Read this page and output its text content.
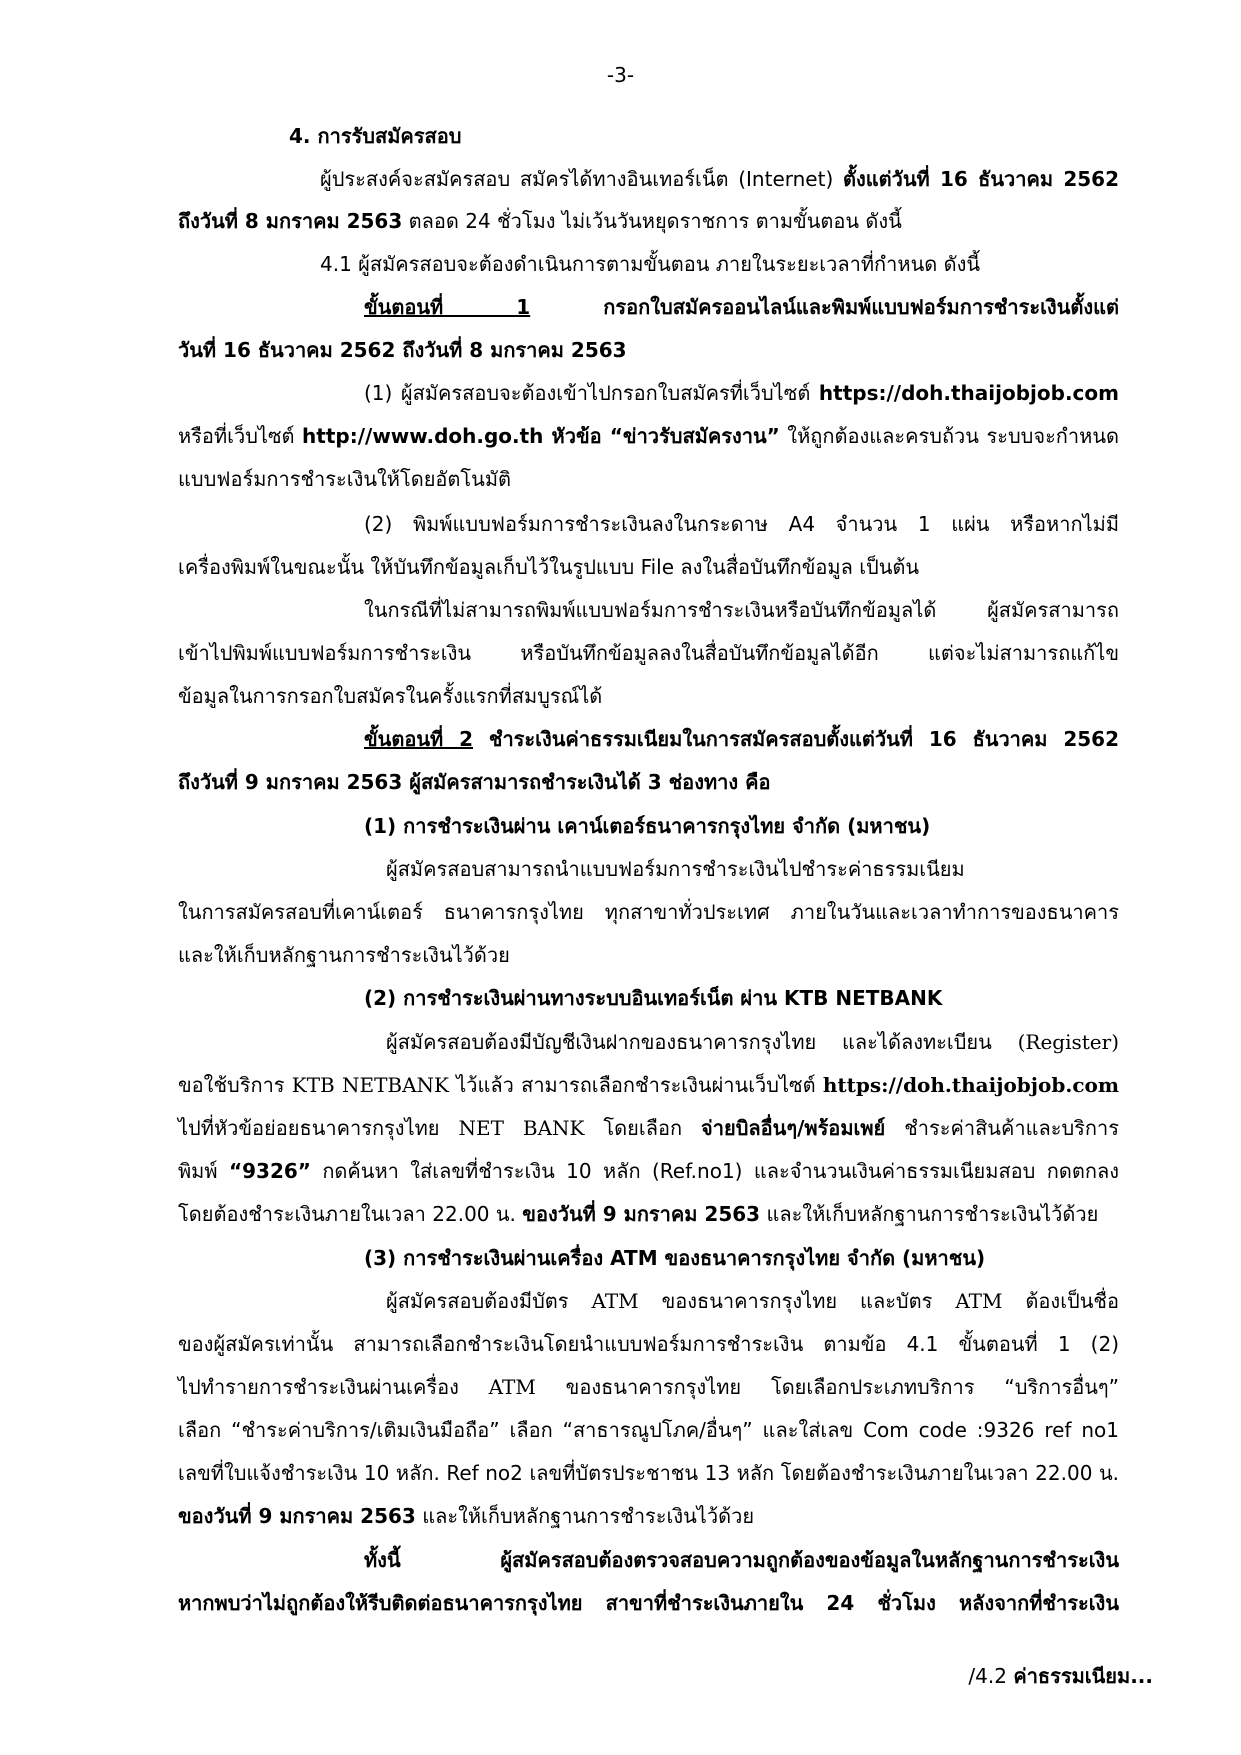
-3-
4. การรับสมัครสอบ
ผู้ประสงค์จะสมัครสอบ สมัครได้ทางอินเทอร์เน็ต (Internet) ตั้งแต่วันที่ 16 ธันวาคม 2562
ถึงวันที่ 8 มกราคม 2563 ตลอด 24 ชั่วโมง ไม่เว้นวันหยุดราชการ ตามขั้นตอน ดังนี้
4.1 ผู้สมัครสอบจะต้องดำเนินการตามขั้นตอน ภายในระยะเวลาที่กำหนด ดังนี้
ขั้นตอนที่ 1 กรอกใบสมัครออนไลน์และพิมพ์แบบฟอร์มการชำระเงินตั้งแต่
วันที่ 16 ธันวาคม 2562 ถึงวันที่ 8 มกราคม 2563
(1) ผู้สมัครสอบจะต้องเข้าไปกรอกใบสมัครที่เว็บไซต์ https://doh.thaijobjob.com
หรือที่เว็บไซต์ http://www.doh.go.th หัวข้อ “ข่าวรับสมัครงาน” ให้ถูกต้องและครบถ้วน ระบบจะกำหนด
แบบฟอร์มการชำระเงินให้โดยอัตโนมัติ
(2) พิมพ์แบบฟอร์มการชำระเงินลงในกระดาษ A4 จำนวน 1 แผ่น หรือหากไม่มี
เครื่องพิมพ์ในขณะนั้น ให้บันทึกข้อมูลเก็บไว้ในรูปแบบ File ลงในสื่อบันทึกข้อมูล เป็นต้น
ในกรณีที่ไม่สามารถพิมพ์แบบฟอร์มการชำระเงินหรือบันทึกข้อมูลได้ ผู้สมัครสามารถ
เข้าไปพิมพ์แบบฟอร์มการชำระเงิน หรือบันทึกข้อมูลลงในสื่อบันทึกข้อมูลได้อีก แต่จะไม่สามารถแก้ไข
ข้อมูลในการกรอกใบสมัครในครั้งแรกที่สมบูรณ์ได้
ขั้นตอนที่ 2 ชำระเงินค่าธรรมเนียมในการสมัครสอบตั้งแต่วันที่ 16 ธันวาคม 2562
ถึงวันที่ 9 มกราคม 2563 ผู้สมัครสามารถชำระเงินได้ 3 ช่องทาง คือ
(1) การชำระเงินผ่าน เคาน์เตอร์ธนาคารกรุงไทย จำกัด (มหาชน)
ผู้สมัครสอบสามารถนำแบบฟอร์มการชำระเงินไปชำระค่าธรรมเนียม
ในการสมัครสอบที่เคาน์เตอร์ ธนาคารกรุงไทย ทุกสาขาทั่วประเทศ ภายในวันและเวลาทำการของธนาคาร
และให้เก็บหลักฐานการชำระเงินไว้ด้วย
(2) การชำระเงินผ่านทางระบบอินเทอร์เน็ต ผ่าน KTB NETBANK
ผู้สมัครสอบต้องมีบัญชีเงินฝากของธนาคารกรุงไทย และได้ลงทะเบียน (Register)
ขอใช้บริการ KTB NETBANK ไว้แล้ว สามารถเลือกชำระเงินผ่านเว็บไซต์ https://doh.thaijobjob.com
ไปที่หัวข้อย่อยธนาคารกรุงไทย NET BANK โดยเลือก จ่ายบิลอื่นๆ/พร้อมเพย์ ชำระค่าสินค้าและบริการ
พิมพ์ “9326” กดค้นหา ใส่เลขที่ชำระเงิน 10 หลัก (Ref.no1) และจำนวนเงินค่าธรรมเนียมสอบ กดตกลง
โดยต้องชำระเงินภายในเวลา 22.00 น. ของวันที่ 9 มกราคม 2563 และให้เก็บหลักฐานการชำระเงินไว้ด้วย
(3) การชำระเงินผ่านเครื่อง ATM ของธนาคารกรุงไทย จำกัด (มหาชน)
ผู้สมัครสอบต้องมีบัตร ATM ของธนาคารกรุงไทย และบัตร ATM ต้องเป็นชื่อ
ของผู้สมัครเท่านั้น สามารถเลือกชำระเงินโดยนำแบบฟอร์มการชำระเงิน ตามข้อ 4.1 ขั้นตอนที่ 1 (2)
ไปทำรายการชำระเงินผ่านเครื่อง ATM ของธนาคารกรุงไทย โดยเลือกประเภทบริการ “บริการอื่นๆ”
เลือก “ชำระค่าบริการ/เติมเงินมือถือ” เลือก “สาธารณูปโภค/อื่นๆ” และใส่เลข Com code :9326 ref no1
เลขที่ใบแจ้งชำระเงิน 10 หลัก. Ref no2 เลขที่บัตรประชาชน 13 หลัก โดยต้องชำระเงินภายในเวลา 22.00 น.
ของวันที่ 9 มกราคม 2563 และให้เก็บหลักฐานการชำระเงินไว้ด้วย
ทั้งนี้ ผู้สมัครสอบต้องตรวจสอบความถูกต้องของข้อมูลในหลักฐานการชำระเงิน
หากพบว่าไม่ถูกต้องให้รีบติดต่อธนาคารกรุงไทย สาขาที่ชำระเงินภายใน 24 ชั่วโมง หลังจากที่ชำระเงิน
/4.2 ค่าธรรมเนียม...
